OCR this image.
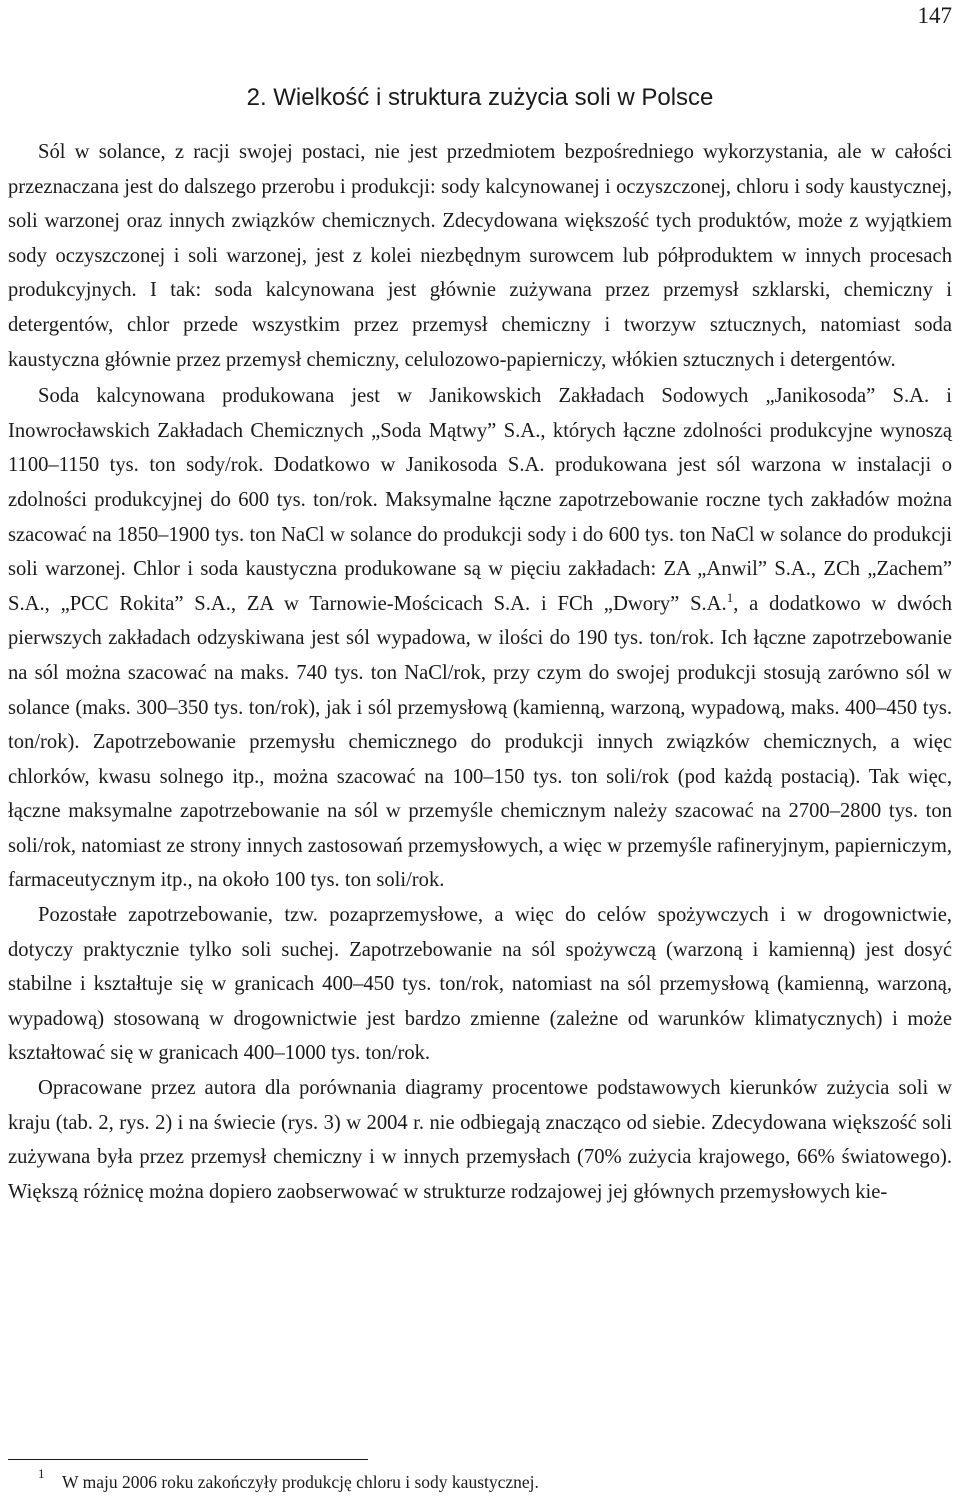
147
2. Wielkość i struktura zużycia soli w Polsce

Sól w solance, z racji swojej postaci, nie jest przedmiotem bezpośredniego wykorzystania, ale w całości przeznaczana jest do dalszego przerobu i produkcji: sody kalcynowanej i oczyszczonej, chloru i sody kaustycznej, soli warzonej oraz innych związków chemicznych. Zdecydowana większość tych produktów, może z wyjątkiem sody oczyszczonej i soli warzonej, jest z kolei niezbędnym surowcem lub półproduktem w innych procesach produkcyjnych. I tak: soda kalcynowana jest głównie zużywana przez przemysł szklarski, chemiczny i detergentów, chlor przede wszystkim przez przemysł chemiczny i tworzyw sztucznych, natomiast soda kaustyczna głównie przez przemysł chemiczny, celulozowo-papierniczy, włókien sztucznych i detergentów.

Soda kalcynowana produkowana jest w Janikowskich Zakładach Sodowych „Janikosoda” S.A. i Inowrocławskich Zakładach Chemicznych „Soda Mątwy” S.A., których łączne zdolności produkcyjne wynoszą 1100–1150 tys. ton sody/rok. Dodatkowo w Janikosoda S.A. produkowana jest sól warzona w instalacji o zdolności produkcyjnej do 600 tys. ton/rok. Maksymalne łączne zapotrzebowanie roczne tych zakładów można szacować na 1850–1900 tys. ton NaCl w solance do produkcji sody i do 600 tys. ton NaCl w solance do produkcji soli warzonej. Chlor i soda kaustyczna produkowane są w pięciu zakładach: ZA „Anwil” S.A., ZCh „Zachem” S.A., „PCC Rokita” S.A., ZA w Tarnowie-Mościcach S.A. i FCh „Dwory” S.A.$^1$, a dodatkowo w dwóch pierwszych zakładach odzyskiwana jest sól wypadowa, w ilości do 190 tys. ton/rok. Ich łączne zapotrzebowanie na sól można szacować na maks. 740 tys. ton NaCl/rok, przy czym do swojej produkcji stosują zarówno sól w solance (maks. 300–350 tys. ton/rok), jak i sól przemysłową (kamienną, warzoną, wypadową, maks. 400–450 tys. ton/rok). Zapotrzebowanie przemysłu chemicznego do produkcji innych związków chemicznych, a więc chlorków, kwasu solnego itp., można szacować na 100–150 tys. ton soli/rok (pod każdą postacią). Tak więc, łączne maksymalne zapotrzebowanie na sól w przemyśle chemicznym należy szacować na 2700–2800 tys. ton soli/rok, natomiast ze strony innych zastosowań przemysłowych, a więc w przemyśle rafineryjnym, papierniczym, farmaceutycznym itp., na około 100 tys. ton soli/rok.

Pozostałe zapotrzebowanie, tzw. pozaprzemysłowe, a więc do celów spożywczych i w drogownictwie, dotyczy praktycznie tylko soli suchej. Zapotrzebowanie na sól spożywczą (warzoną i kamienną) jest dosyć stabilne i kształtuje się w granicach 400–450 tys. ton/rok, natomiast na sól przemysłową (kamienną, warzoną, wypadową) stosowaną w drogownictwie jest bardzo zmienne (zależne od warunków klimatycznych) i może kształtować się w granicach 400–1000 tys. ton/rok.

Opracowane przez autora dla porównania diagramy procentowe podstawowych kierunków zużycia soli w kraju (tab. 2, rys. 2) i na świecie (rys. 3) w 2004 r. nie odbiegają znacząco od siebie. Zdecydowana większość soli zużywana była przez przemysł chemiczny i w innych przemysłach (70% zużycia krajowego, 66% światowego). Większą różnicę można dopiero zaobserwować w strukturze rodzajowej jej głównych przemysłowych kie-

1 W maju 2006 roku zakończyły produkcję chloru i sody kaustycznej.
